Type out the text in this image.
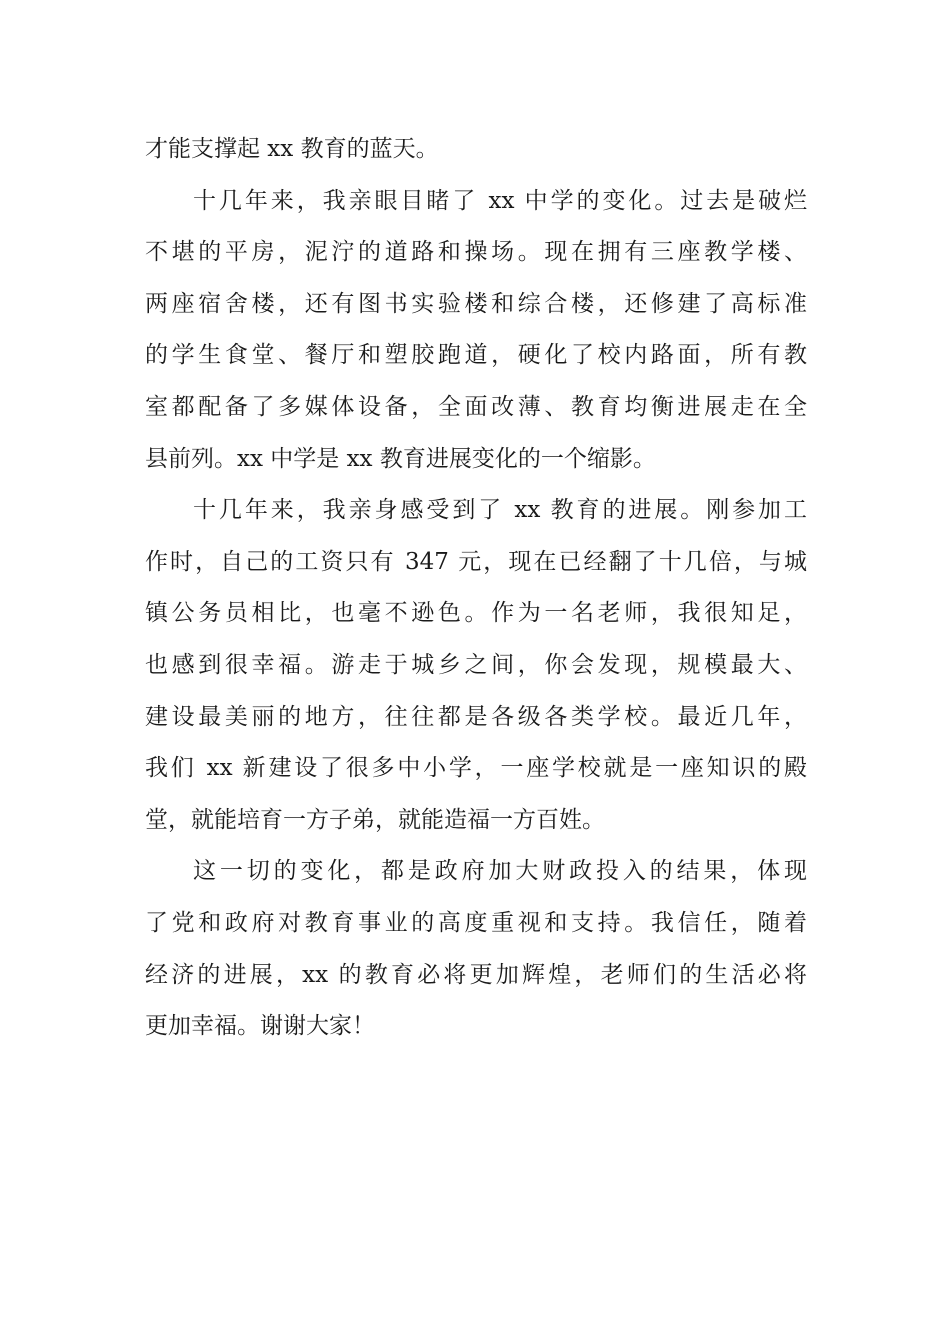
才能支撑起 xx 教育的蓝天。
十几年来，我亲眼目睹了 xx 中学的变化。过去是破烂
不堪的平房，泥泞的道路和操场。现在拥有三座教学楼、
两座宿舍楼，还有图书实验楼和综合楼，还修建了高标准
的学生食堂、餐厅和塑胶跑道，硬化了校内路面，所有教
室都配备了多媒体设备，全面改薄、教育均衡进展走在全
县前列。xx 中学是 xx 教育进展变化的一个缩影。
十几年来，我亲身感受到了 xx 教育的进展。刚参加工
作时，自己的工资只有 347 元，现在已经翻了十几倍，与城
镇公务员相比，也毫不逊色。作为一名老师，我很知足，
也感到很幸福。游走于城乡之间，你会发现，规模最大、
建设最美丽的地方，往往都是各级各类学校。最近几年，
我们 xx 新建设了很多中小学，一座学校就是一座知识的殿
堂，就能培育一方子弟，就能造福一方百姓。
这一切的变化，都是政府加大财政投入的结果，体现
了党和政府对教育事业的高度重视和支持。我信任，随着
经济的进展，xx 的教育必将更加辉煌，老师们的生活必将
更加幸福。谢谢大家！
